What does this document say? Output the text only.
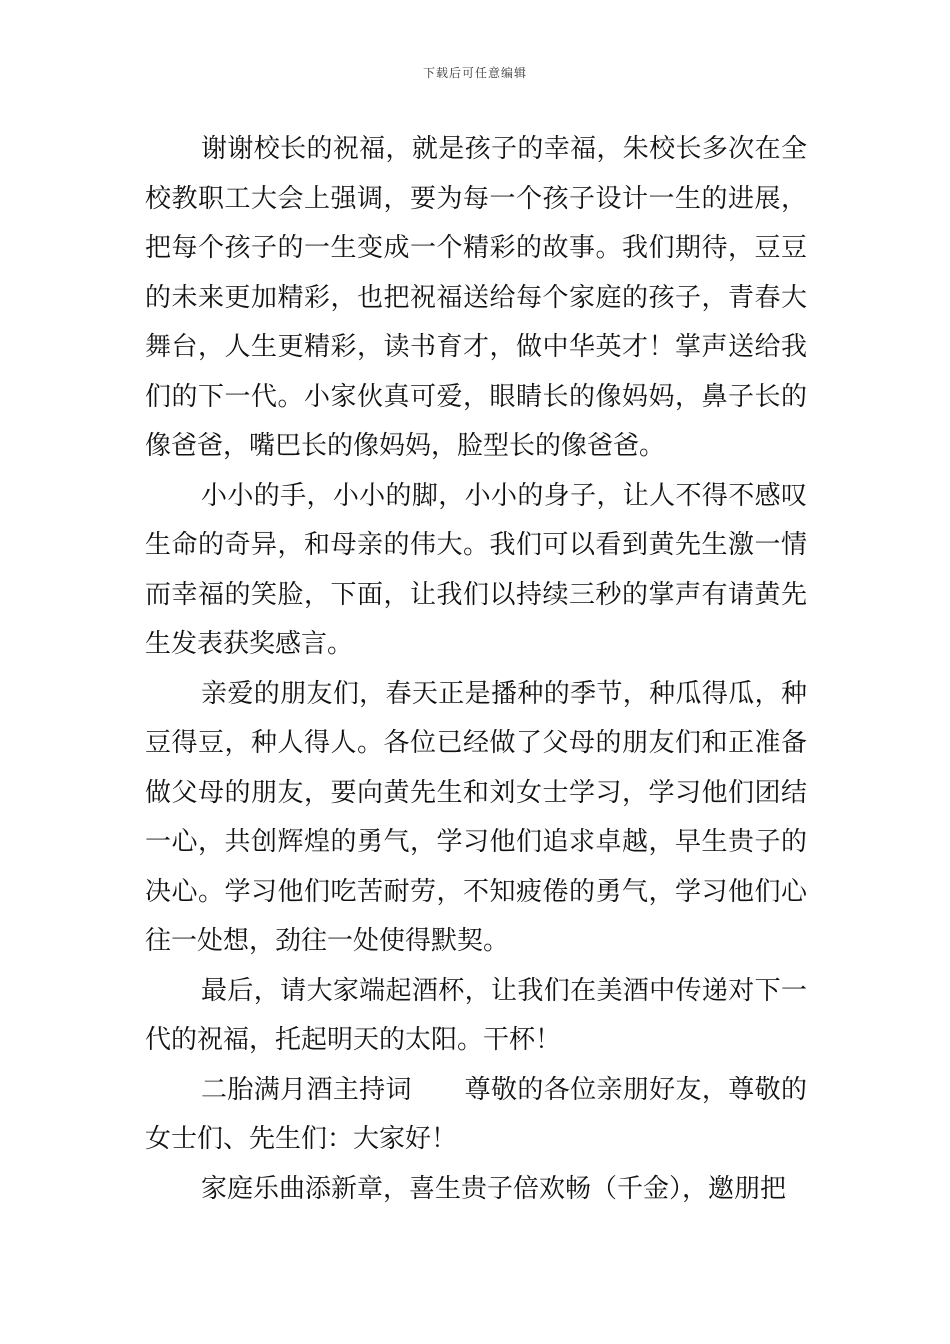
下载后可任意编辑

谢谢校长的祝福，就是孩子的幸福，朱校长多次在全校教职工大会上强调，要为每一个孩子设计一生的进展，把每个孩子的一生变成一个精彩的故事。我们期待，豆豆的未来更加精彩，也把祝福送给每个家庭的孩子，青春大舞台，人生更精彩，读书育才，做中华英才！掌声送给我们的下一代。小家伙真可爱，眼睛长的像妈妈，鼻子长的像爸爸，嘴巴长的像妈妈，脸型长的像爸爸。

小小的手，小小的脚，小小的身子，让人不得不感叹生命的奇异，和母亲的伟大。我们可以看到黄先生激一情而幸福的笑脸，下面，让我们以持续三秒的掌声有请黄先生发表获奖感言。

亲爱的朋友们，春天正是播种的季节，种瓜得瓜，种豆得豆，种人得人。各位已经做了父母的朋友们和正准备做父母的朋友，要向黄先生和刘女士学习，学习他们团结一心，共创辉煌的勇气，学习他们追求卓越，早生贵子的决心。学习他们吃苦耐劳，不知疲倦的勇气，学习他们心往一处想，劲往一处使得默契。

最后，请大家端起酒杯，让我们在美酒中传递对下一代的祝福，托起明天的太阳。干杯！

二胎满月酒主持词　　尊敬的各位亲朋好友，尊敬的女士们、先生们：大家好！

家庭乐曲添新章，喜生贵子倍欢畅（千金），邀朋把
